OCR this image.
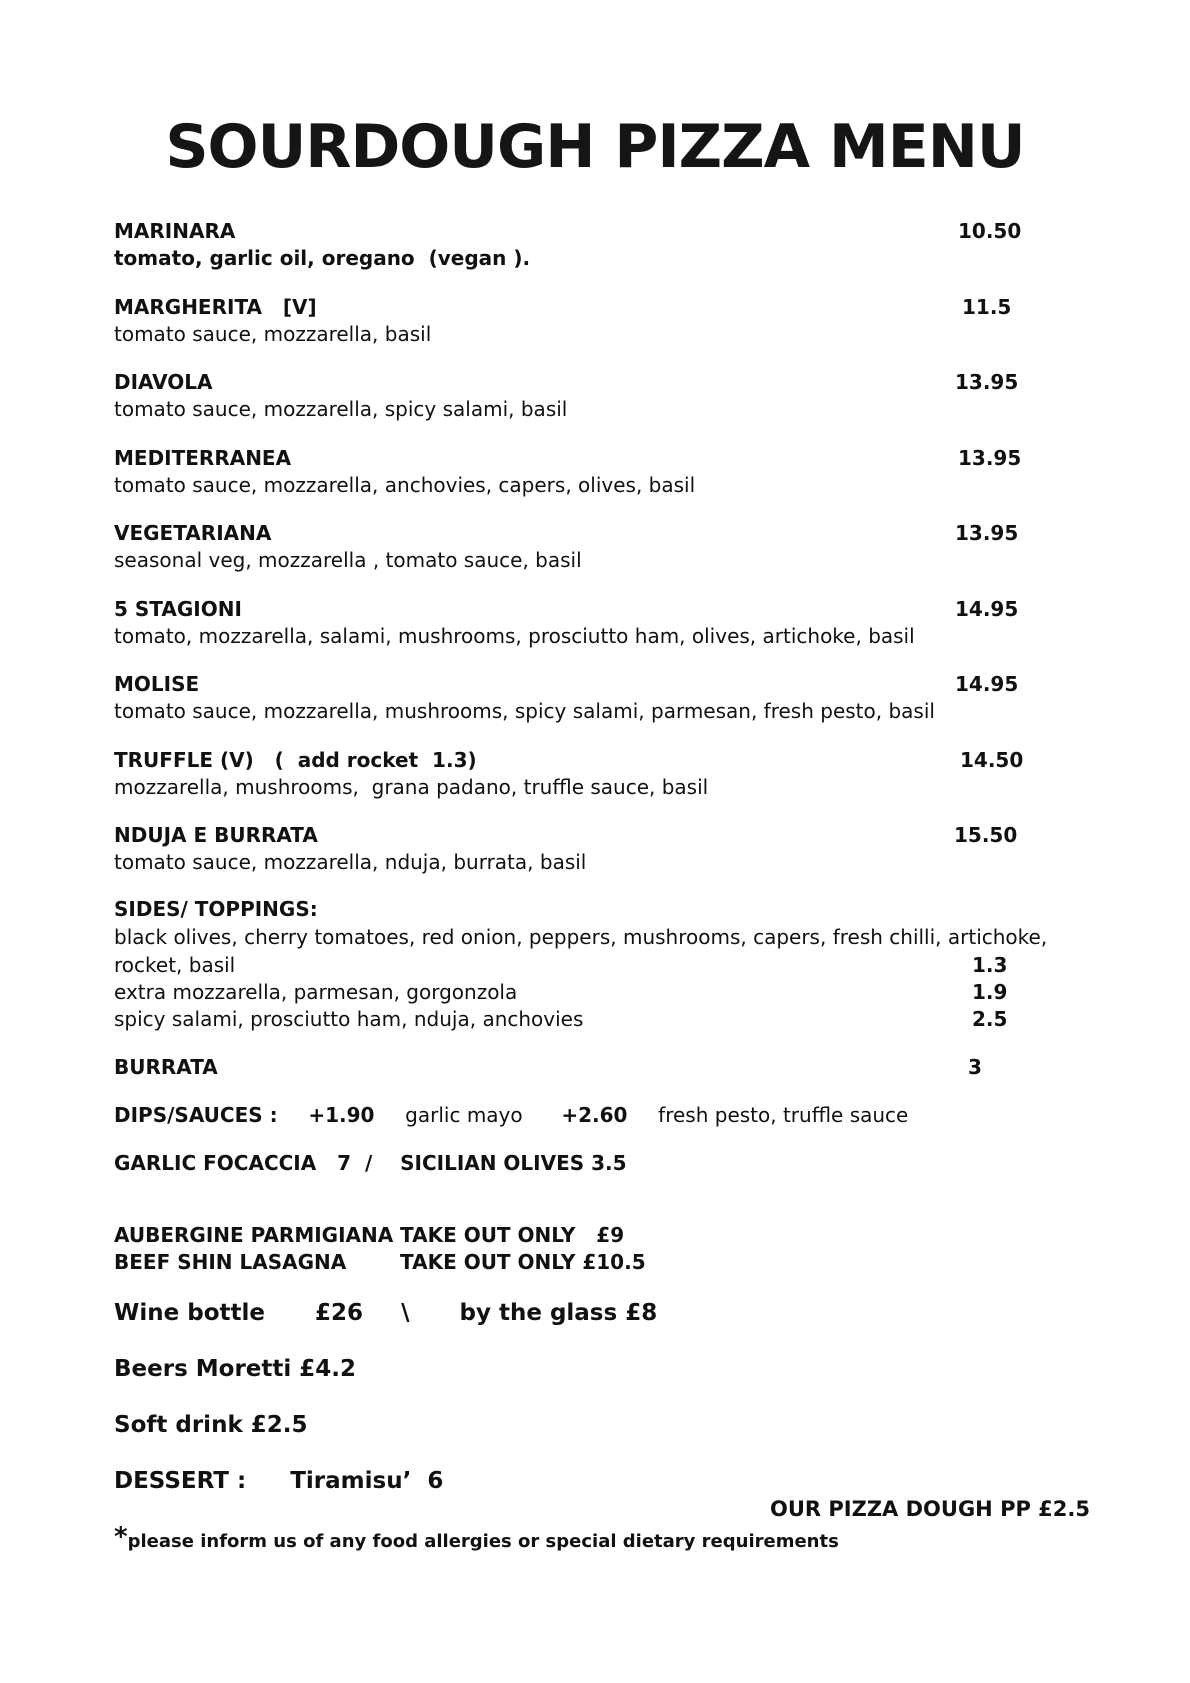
SOURDOUGH PIZZA MENU
MARINARA	10.50
tomato, garlic oil, oregano  (vegan ).
MARGHERITA   [V]	11.5
tomato sauce, mozzarella, basil
DIAVOLA	13.95
tomato sauce, mozzarella, spicy salami, basil
MEDITERRANEA	13.95
tomato sauce, mozzarella, anchovies, capers, olives, basil
VEGETARIANA	13.95
seasonal veg, mozzarella , tomato sauce, basil
5 STAGIONI	14.95
tomato, mozzarella, salami, mushrooms, prosciutto ham, olives, artichoke, basil
MOLISE	14.95
tomato sauce, mozzarella, mushrooms, spicy salami, parmesan, fresh pesto, basil
TRUFFLE (V)   (  add rocket  1.3)	14.50
mozzarella, mushrooms,  grana padano, truffle sauce, basil
NDUJA E BURRATA	15.50
tomato sauce, mozzarella, nduja, burrata, basil
SIDES/ TOPPINGS:
black olives, cherry tomatoes, red onion, peppers, mushrooms, capers, fresh chilli, artichoke,
rocket, basil	1.3
extra mozzarella, parmesan, gorgonzola	1.9
spicy salami, prosciutto ham, nduja, anchovies	2.5
BURRATA	3
DIPS/SAUCES : +1.90 garlic mayo +2.60 fresh pesto, truffle sauce
GARLIC FOCACCIA   7  /    SICILIAN OLIVES 3.5
AUBERGINE PARMIGIANA TAKE OUT ONLY   £9
BEEF SHIN LASAGNA	TAKE OUT ONLY £10.5
Wine bottle £26 \ by the glass £8
Beers Moretti £4.2
Soft drink £2.5
DESSERT : Tiramisu’  6
OUR PIZZA DOUGH PP £2.5
*please inform us of any food allergies or special dietary requirements
